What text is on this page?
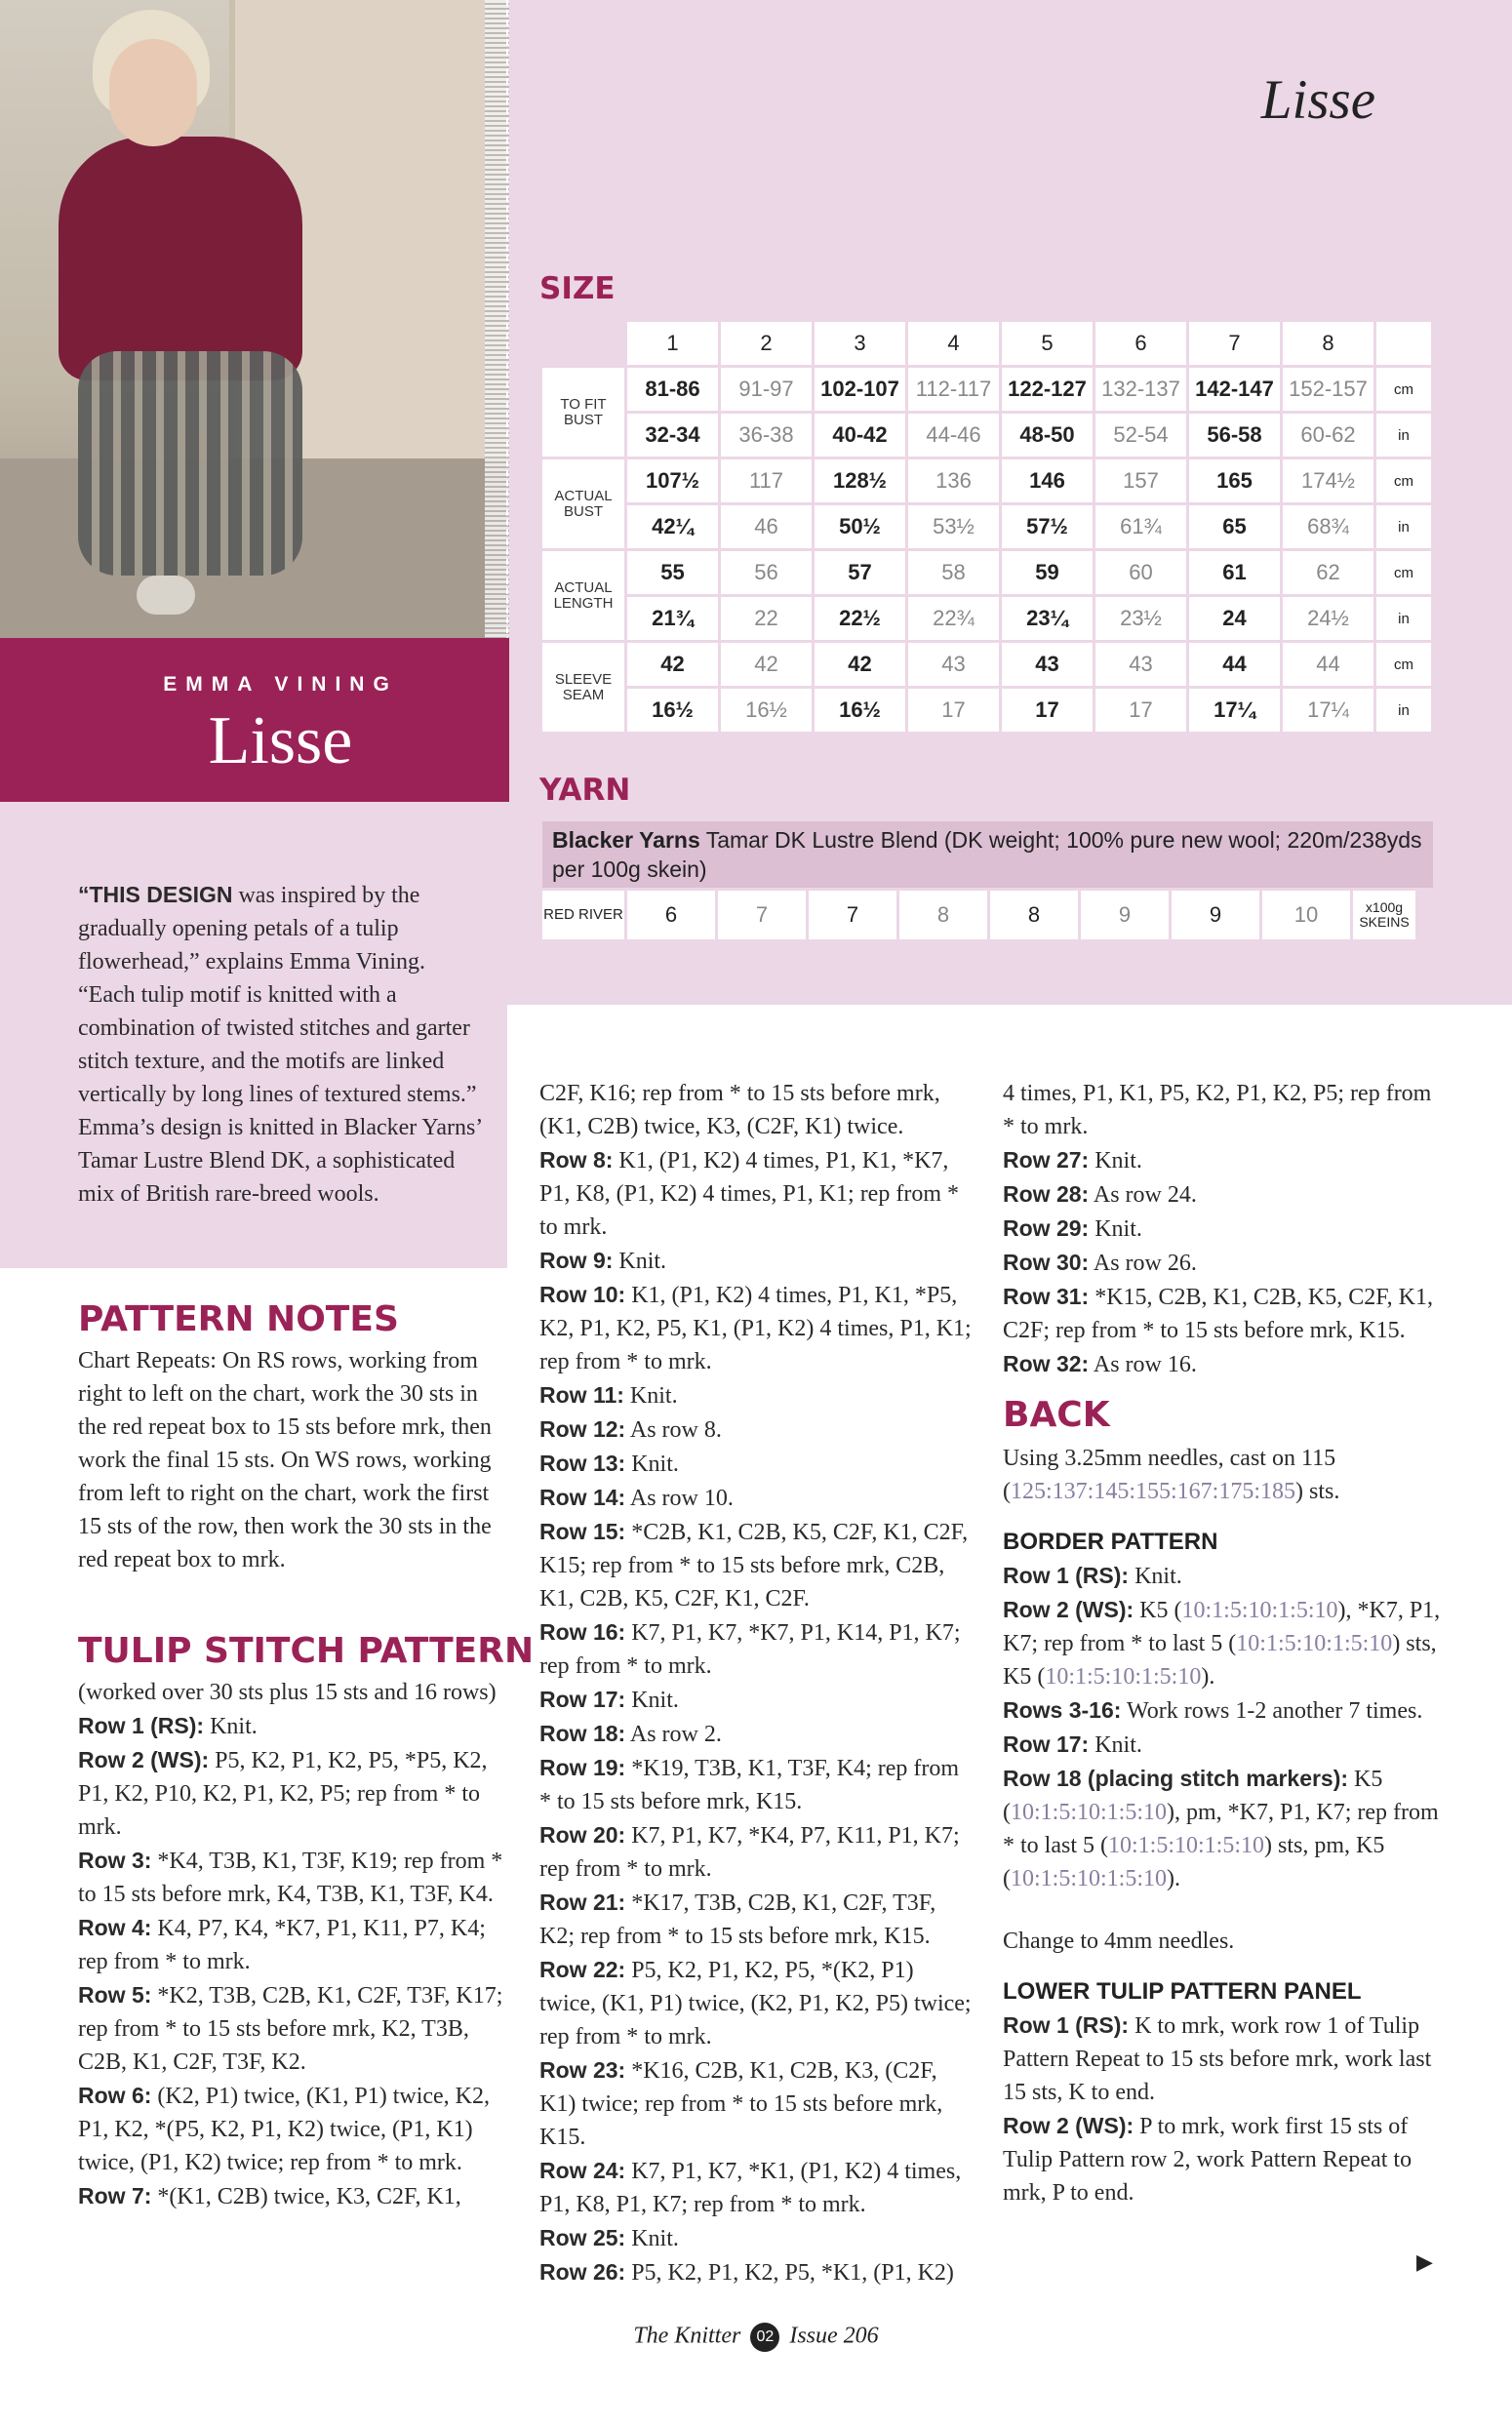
EMMA VINING
Lisse
Lisse
SIZE
	1	2	3	4	5	6	7	8	
TO FIT BUST	81-86	91-97	102-107	112-117	122-127	132-137	142-147	152-157	cm
	32-34	36-38	40-42	44-46	48-50	52-54	56-58	60-62	in
ACTUAL BUST	107½	117	128½	136	146	157	165	174½	cm
	42¼	46	50½	53½	57½	61¾	65	68¾	in
ACTUAL LENGTH	55	56	57	58	59	60	61	62	cm
	21¾	22	22½	22¾	23¼	23½	24	24½	in
SLEEVE SEAM	42	42	42	43	43	43	44	44	cm
	16½	16½	16½	17	17	17	17¼	17¼	in
YARN
Blacker Yarns Tamar DK Lustre Blend (DK weight; 100% pure new wool; 220m/238yds per 100g skein)
RED RIVER	6	7	7	8	8	9	9	10	x100g SKEINS
“THIS DESIGN was inspired by the gradually opening petals of a tulip flowerhead,” explains Emma Vining. “Each tulip motif is knitted with a combination of twisted stitches and garter stitch texture, and the motifs are linked vertically by long lines of textured stems.” Emma’s design is knitted in Blacker Yarns’ Tamar Lustre Blend DK, a sophisticated mix of British rare-breed wools.
PATTERN NOTES
Chart Repeats: On RS rows, working from right to left on the chart, work the 30 sts in the red repeat box to 15 sts before mrk, then work the final 15 sts. On WS rows, working from left to right on the chart, work the first 15 sts of the row, then work the 30 sts in the red repeat box to mrk.
TULIP STITCH PATTERN

(worked over 30 sts plus 15 sts and 16 rows)

Row 1 (RS): Knit.

Row 2 (WS): P5, K2, P1, K2, P5, *P5, K2, P1, K2, P10, K2, P1, K2, P5; rep from * to mrk.

Row 3: *K4, T3B, K1, T3F, K19; rep from * to 15 sts before mrk, K4, T3B, K1, T3F, K4.

Row 4: K4, P7, K4, *K7, P1, K11, P7, K4; rep from * to mrk.

Row 5: *K2, T3B, C2B, K1, C2F, T3F, K17; rep from * to 15 sts before mrk, K2, T3B, C2B, K1, C2F, T3F, K2.

Row 6: (K2, P1) twice, (K1, P1) twice, K2, P1, K2, *(P5, K2, P1, K2) twice, (P1, K1) twice, (P1, K2) twice; rep from * to mrk.

Row 7: *(K1, C2B) twice, K3, C2F, K1,

C2F, K16; rep from * to 15 sts before mrk, (K1, C2B) twice, K3, (C2F, K1) twice.

Row 8: K1, (P1, K2) 4 times, P1, K1, *K7, P1, K8, (P1, K2) 4 times, P1, K1; rep from * to mrk.

Row 9: Knit.

Row 10: K1, (P1, K2) 4 times, P1, K1, *P5, K2, P1, K2, P5, K1, (P1, K2) 4 times, P1, K1; rep from * to mrk.

Row 11: Knit.

Row 12: As row 8.

Row 13: Knit.

Row 14: As row 10.

Row 15: *C2B, K1, C2B, K5, C2F, K1, C2F, K15; rep from * to 15 sts before mrk, C2B, K1, C2B, K5, C2F, K1, C2F.

Row 16: K7, P1, K7, *K7, P1, K14, P1, K7; rep from * to mrk.

Row 17: Knit.

Row 18: As row 2.

Row 19: *K19, T3B, K1, T3F, K4; rep from * to 15 sts before mrk, K15.

Row 20: K7, P1, K7, *K4, P7, K11, P1, K7; rep from * to mrk.

Row 21: *K17, T3B, C2B, K1, C2F, T3F, K2; rep from * to 15 sts before mrk, K15.

Row 22: P5, K2, P1, K2, P5, *(K2, P1) twice, (K1, P1) twice, (K2, P1, K2, P5) twice; rep from * to mrk.

Row 23: *K16, C2B, K1, C2B, K3, (C2F, K1) twice; rep from * to 15 sts before mrk, K15.

Row 24: K7, P1, K7, *K1, (P1, K2) 4 times, P1, K8, P1, K7; rep from * to mrk.

Row 25: Knit.

Row 26: P5, K2, P1, K2, P5, *K1, (P1, K2)

4 times, P1, K1, P5, K2, P1, K2, P5; rep from * to mrk.

Row 27: Knit.

Row 28: As row 24.

Row 29: Knit.

Row 30: As row 26.

Row 31: *K15, C2B, K1, C2B, K5, C2F, K1, C2F; rep from * to 15 sts before mrk, K15.

Row 32: As row 16.

BACK

Using 3.25mm needles, cast on 115 (125:137:145:155:167:175:185) sts.

BORDER PATTERN

Row 1 (RS): Knit.

Row 2 (WS): K5 (10:1:5:10:1:5:10), *K7, P1, K7; rep from * to last 5 (10:1:5:10:1:5:10) sts, K5 (10:1:5:10:1:5:10).

Rows 3-16: Work rows 1-2 another 7 times.

Row 17: Knit.

Row 18 (placing stitch markers): K5 (10:1:5:10:1:5:10), pm, *K7, P1, K7; rep from * to last 5 (10:1:5:10:1:5:10) sts, pm, K5 (10:1:5:10:1:5:10).

Change to 4mm needles.

LOWER TULIP PATTERN PANEL

Row 1 (RS): K to mrk, work row 1 of Tulip Pattern Repeat to 15 sts before mrk, work last 15 sts, K to end.

Row 2 (WS): P to mrk, work first 15 sts of Tulip Pattern row 2, work Pattern Repeat to mrk, P to end.

▶
The Knitter 02 Issue 206
